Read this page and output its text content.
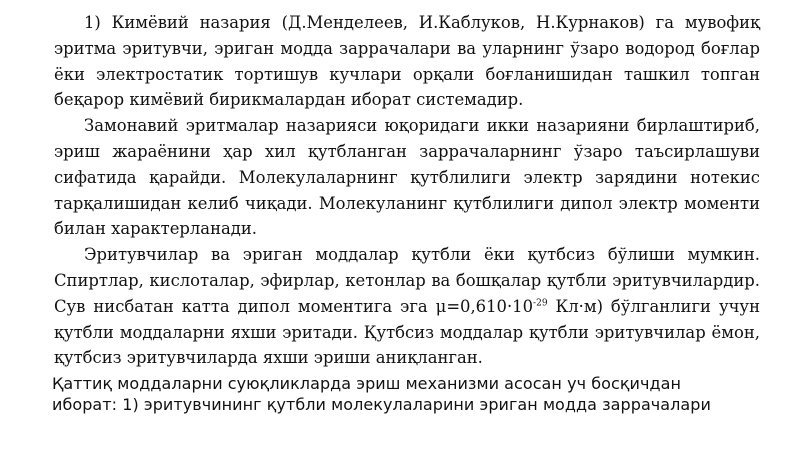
1) Кимёвий назария (Д.Менделеев, И.Каблуков, Н.Курнаков) га мувофиқ эритма эритувчи, эриган модда заррачалари ва уларнинг ўзаро водород боғлар ёки электростатик тортишув кучлари орқали боғланишидан ташкил топган беқарор кимёвий бирикмалардан иборат системадир.

Замонавий эритмалар назарияси юқоридаги икки назарияни бирлаштириб, эриш жараёнини ҳар хил қутбланган заррачаларнинг ўзаро таъсирлашуви сифатида қарайди. Молекулаларнинг қутблилиги электр зарядини нотекис тарқалишидан келиб чиқади. Молекуланинг қутблилиги дипол электр моменти билан характерланади.

Эритувчилар ва эриган моддалар қутбли ёки қутбсиз бўлиши мумкин. Спиртлар, кислоталар, эфирлар, кетонлар ва бошқалар қутбли эритувчилардир. Сув нисбатан катта дипол моментига эга $\mu=0,610\cdot 10^{-29}$ Кл·м) бўлганлиги учун қутбли моддаларни яхши эритади. Қутбсиз моддалар қутбли эритувчилар ёмон, қутбсиз эритувчиларда яхши эриши аниқланган.

Қаттиқ моддаларни суюқликларда эриш механизми асосан уч босқичдан
иборат: 1) эритувчининг қутбли молекулаларини эриган модда заррачалари
